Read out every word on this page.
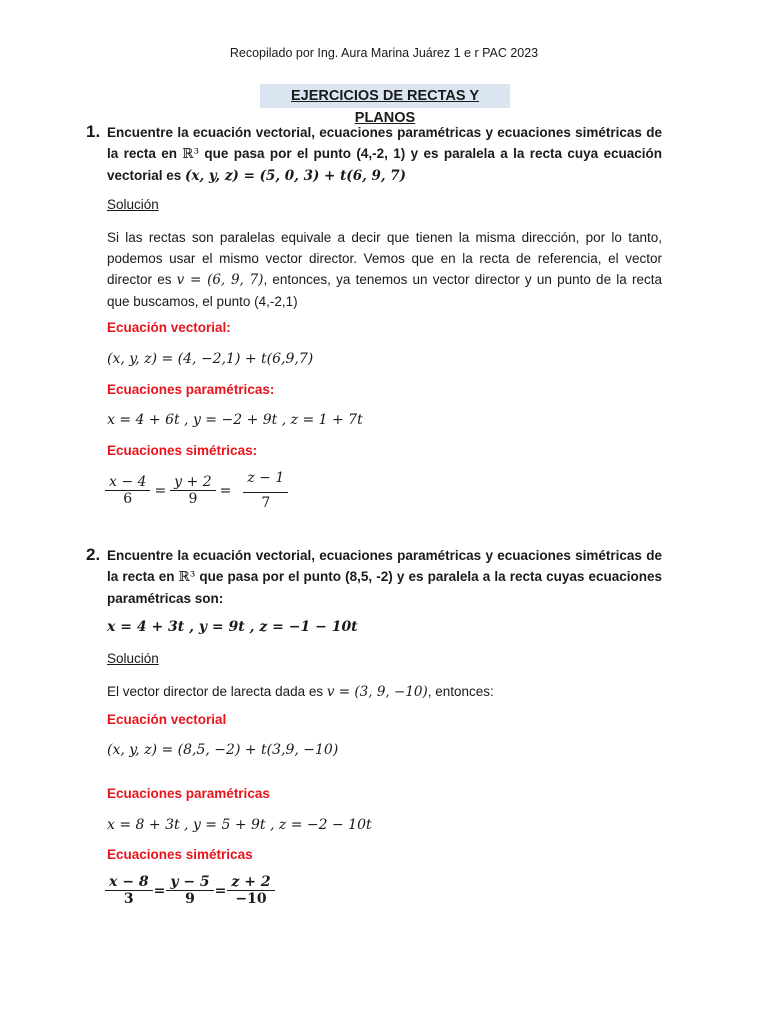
Recopilado por Ing. Aura Marina Juárez 1 e r PAC 2023
EJERCICIOS DE RECTAS Y PLANOS
1. Encuentre la ecuación vectorial, ecuaciones paramétricas y ecuaciones simétricas de la recta en ℝ³ que pasa por el punto (4,-2, 1) y es paralela a la recta cuya ecuación vectorial es (x, y, z) = (5, 0, 3) + t(6, 9, 7)
Solución
Si las rectas son paralelas equivale a decir que tienen la misma dirección, por lo tanto, podemos usar el mismo vector director. Vemos que en la recta de referencia, el vector director es v = (6, 9, 7), entonces, ya tenemos un vector director y un punto de la recta que buscamos, el punto (4,-2,1)
Ecuación vectorial:
(x, y, z) = (4, −2,1) + t(6,9,7)
Ecuaciones paramétricas:
x = 4 + 6t , y = −2 + 9t , z = 1 + 7t
Ecuaciones simétricas:
$\frac{x - 4}{6} = \frac{y + 2}{9} = \frac{z - 1}{7}$
2. Encuentre la ecuación vectorial, ecuaciones paramétricas y ecuaciones simétricas de la recta en ℝ³ que pasa por el punto (8,5, -2) y es paralela a la recta cuyas ecuaciones paramétricas son:
x = 4 + 3t , y = 9t , z = −1 − 10t
Solución
El vector director de larecta dada es v = (3, 9, −10), entonces:
Ecuación vectorial
(x, y, z) = (8,5, −2) + t(3,9, −10)
Ecuaciones paramétricas
x = 8 + 3t , y = 5 + 9t , z = −2 − 10t
Ecuaciones simétricas
$\frac{x - 8}{3} = \frac{y - 5}{9} = \frac{z + 2}{-10}$
